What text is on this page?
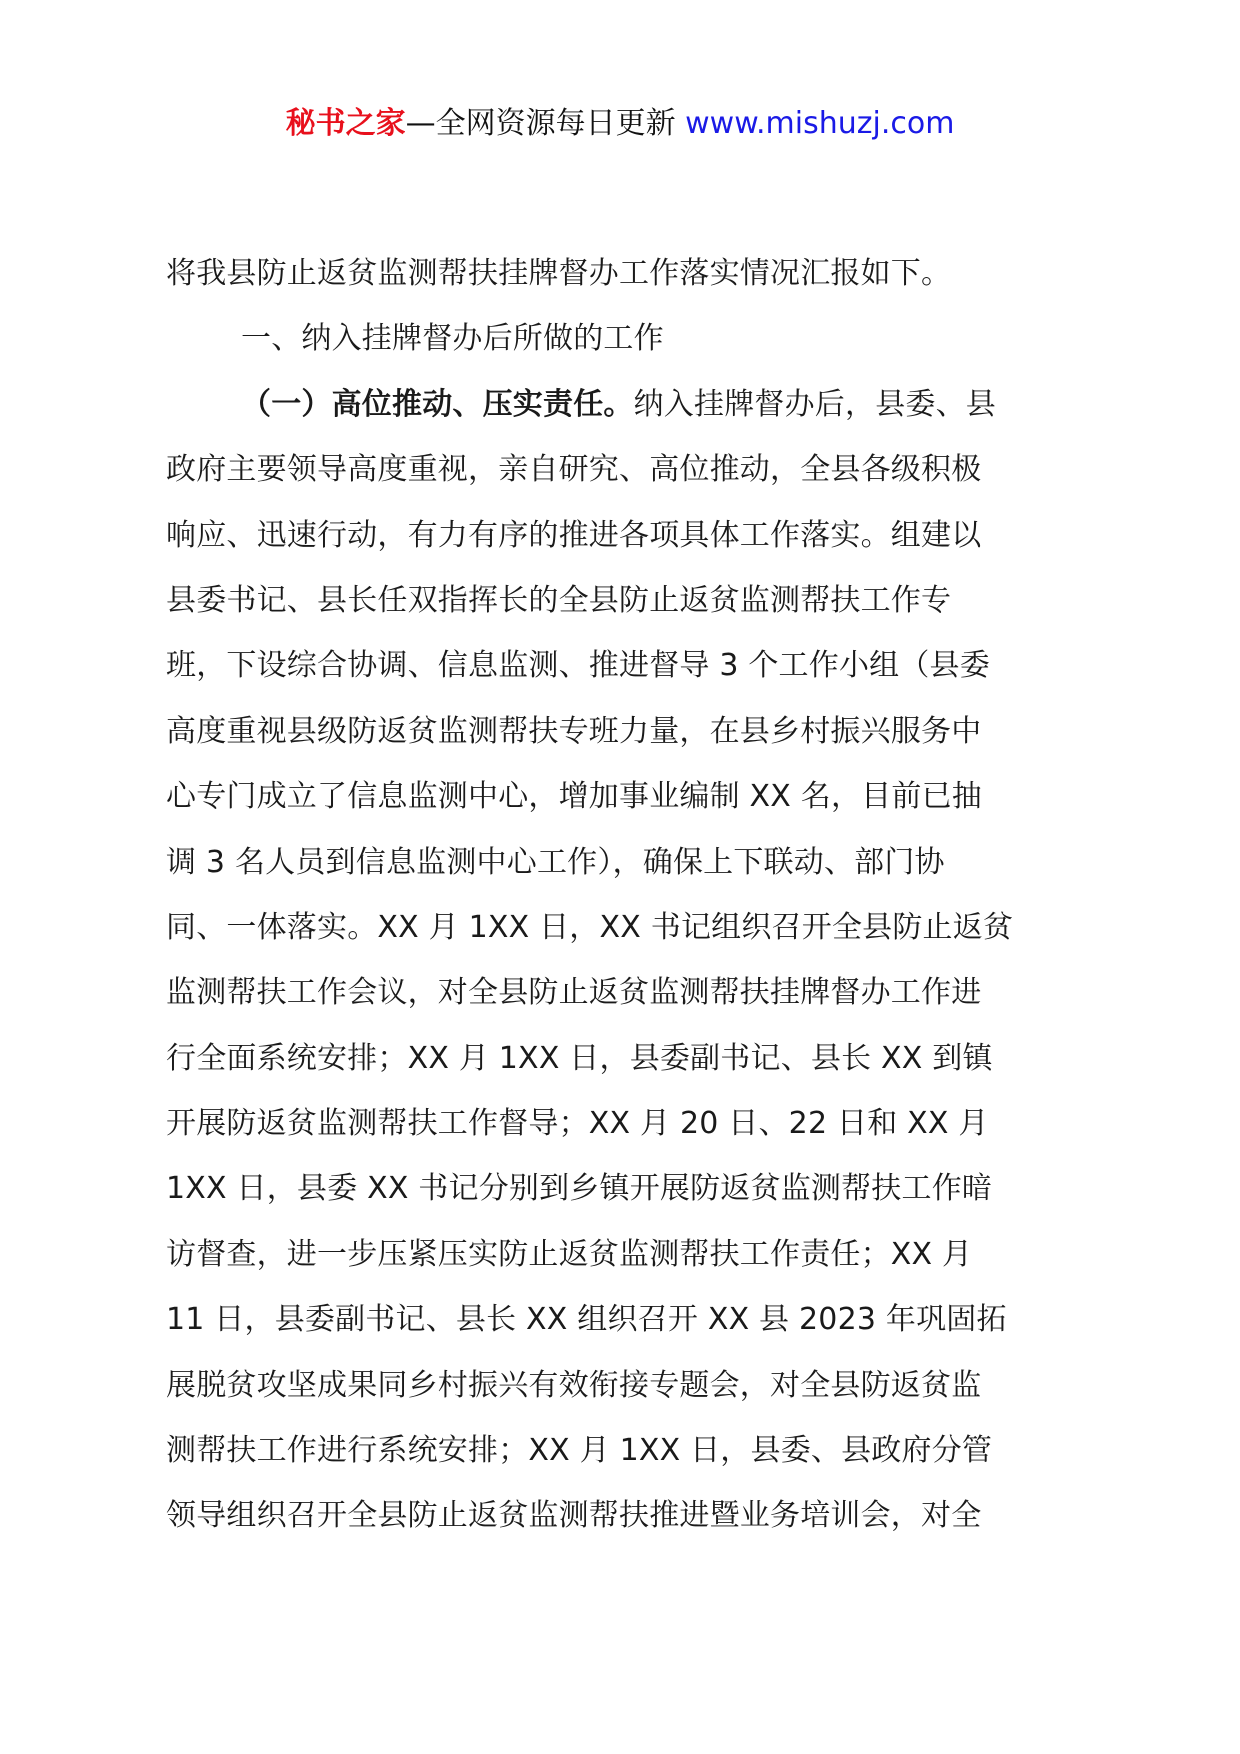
秘书之家—全网资源每日更新 www.mishuzj.com
将我县防止返贫监测帮扶挂牌督办工作落实情况汇报如下。
一、纳入挂牌督办后所做的工作
（一）高位推动、压实责任。纳入挂牌督办后，县委、县
政府主要领导高度重视，亲自研究、高位推动，全县各级积极
响应、迅速行动，有力有序的推进各项具体工作落实。组建以
县委书记、县长任双指挥长的全县防止返贫监测帮扶工作专
班，下设综合协调、信息监测、推进督导 3 个工作小组（县委
高度重视县级防返贫监测帮扶专班力量，在县乡村振兴服务中
心专门成立了信息监测中心，增加事业编制 XX 名，目前已抽
调 3 名人员到信息监测中心工作），确保上下联动、部门协
同、一体落实。XX 月 1XX 日，XX 书记组织召开全县防止返贫
监测帮扶工作会议，对全县防止返贫监测帮扶挂牌督办工作进
行全面系统安排；XX 月 1XX 日，县委副书记、县长 XX 到镇
开展防返贫监测帮扶工作督导；XX 月 20 日、22 日和 XX 月
1XX 日，县委 XX 书记分别到乡镇开展防返贫监测帮扶工作暗
访督查，进一步压紧压实防止返贫监测帮扶工作责任；XX 月
11 日，县委副书记、县长 XX 组织召开 XX 县 2023 年巩固拓
展脱贫攻坚成果同乡村振兴有效衔接专题会，对全县防返贫监
测帮扶工作进行系统安排；XX 月 1XX 日，县委、县政府分管
领导组织召开全县防止返贫监测帮扶推进暨业务培训会，对全
